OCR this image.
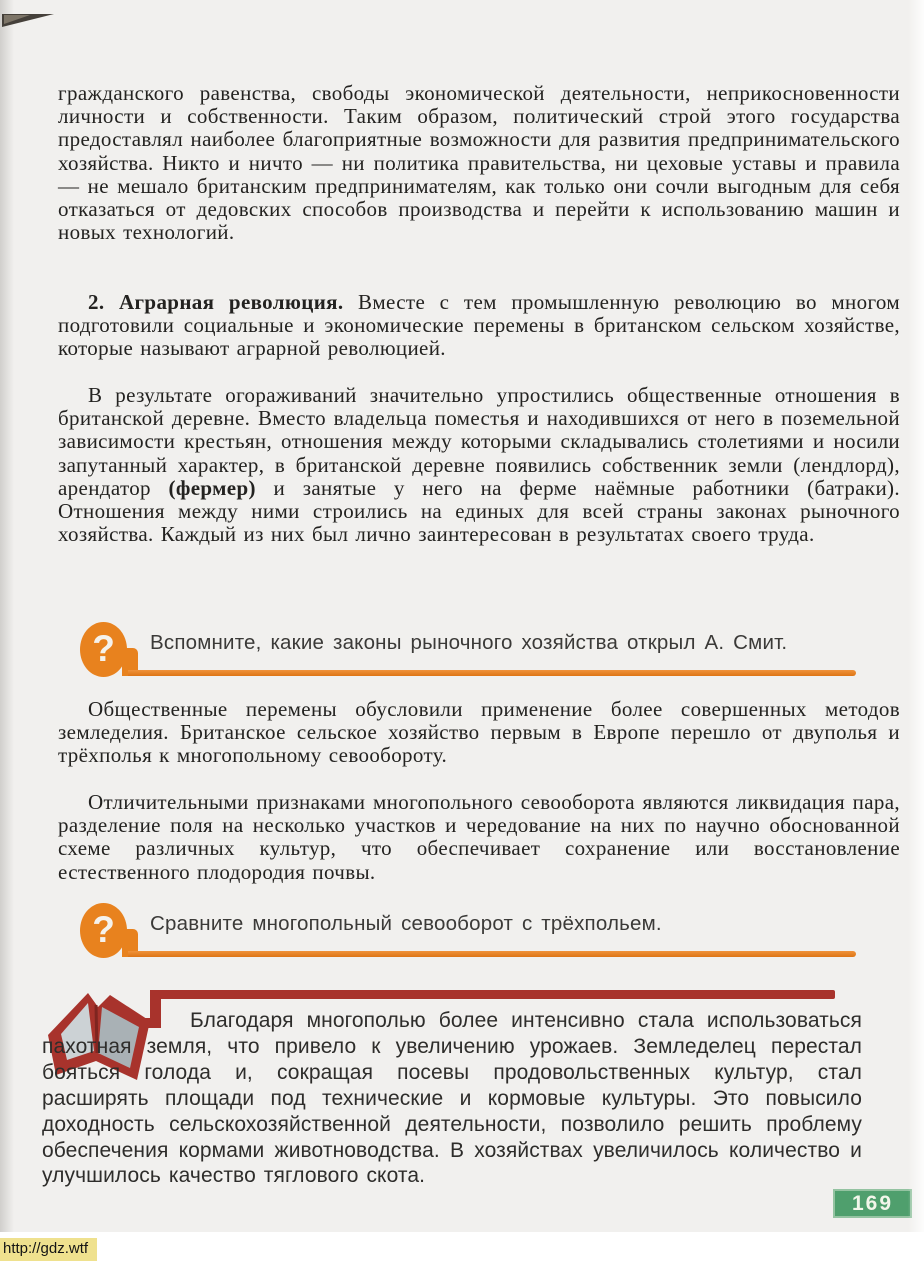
гражданского равенства, свободы экономической деятельности, неприкосновенности личности и собственности. Таким образом, политический строй этого государства предоставлял наиболее благоприятные возможности для развития предпринимательского хозяйства. Никто и ничто — ни политика правительства, ни цеховые уставы и правила — не мешало британским предпринимателям, как только они сочли выгодным для себя отказаться от дедовских способов производства и перейти к использованию машин и новых технологий.

2. Аграрная революция. Вместе с тем промышленную революцию во многом подготовили социальные и экономические перемены в британском сельском хозяйстве, которые называют аграрной революцией.

В результате огораживаний значительно упростились общественные отношения в британской деревне. Вместо владельца поместья и находившихся от него в поземельной зависимости крестьян, отношения между которыми складывались столетиями и носили запутанный характер, в британской деревне появились собственник земли (лендлорд), арендатор (фермер) и занятые у него на ферме наёмные работники (батраки). Отношения между ними строились на единых для всей страны законах рыночного хозяйства. Каждый из них был лично заинтересован в результатах своего труда.

? Вспомните, какие законы рыночного хозяйства открыл А. Смит.

Общественные перемены обусловили применение более совершенных методов земледелия. Британское сельское хозяйство первым в Европе перешло от двуполья и трёхполья к многопольному севообороту.

Отличительными признаками многопольного севооборота являются ликвидация пара, разделение поля на несколько участков и чередование на них по научно обоснованной схеме различных культур, что обеспечивает сохранение или восстановление естественного плодородия почвы.

? Сравните многопольный севооборот с трёхпольем.

Благодаря многополью более интенсивно стала использоваться пахотная земля, что привело к увеличению урожаев. Земледелец перестал бояться голода и, сокращая посевы продовольственных культур, стал расширять площади под технические и кормовые культуры. Это повысило доходность сельскохозяйственной деятельности, позволило решить проблему обеспечения кормами животноводства. В хозяйствах увеличилось количество и улучшилось качество тяглового скота.

169
http://gdz.wtf
